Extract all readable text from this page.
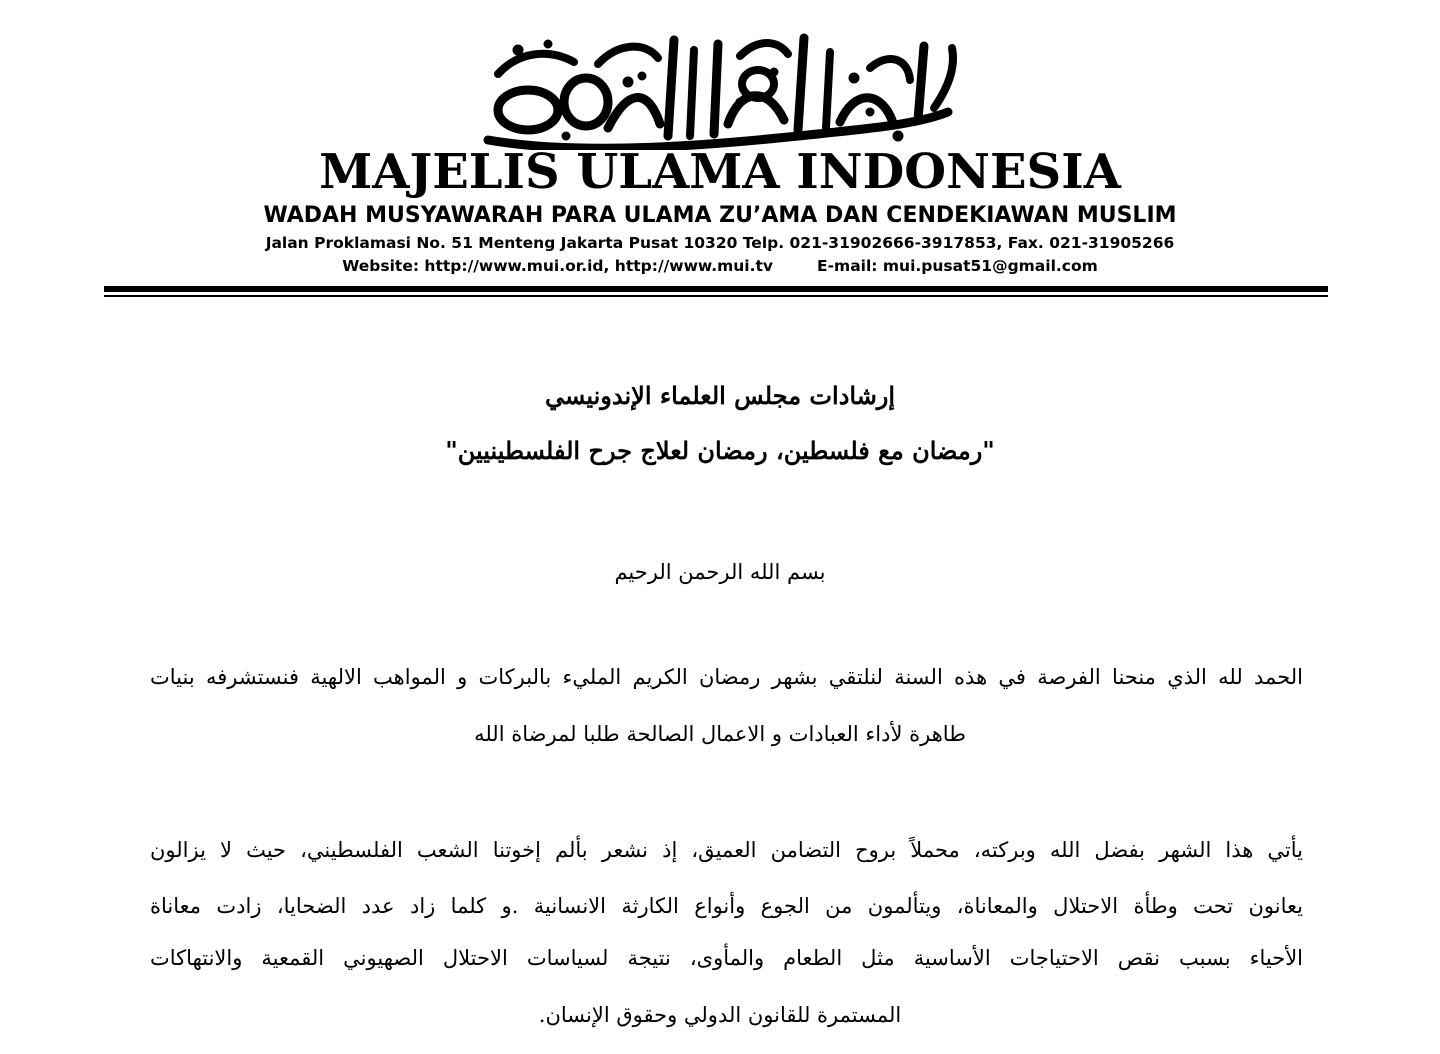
MAJELIS ULAMA INDONESIA
WADAH MUSYAWARAH PARA ULAMA ZU’AMA DAN CENDEKIAWAN MUSLIM
Jalan Proklamasi No. 51 Menteng Jakarta Pusat 10320 Telp. 021-31902666-3917853, Fax. 021-31905266
Website: http://www.mui.or.id, http://www.mui.tv	E-mail: mui.pusat51@gmail.com
إرشادات مجلس العلماء الإندونيسي
"رمضان مع فلسطين، رمضان لعلاج جرح الفلسطينيين"
بسم الله الرحمن الرحيم
الحمد لله الذي منحنا الفرصة في هذه السنة لنلتقي بشهر رمضان الكريم المليء بالبركات و المواهب الالهية فنستشرفه بنيات
طاهرة لأداء العبادات و الاعمال الصالحة طلبا لمرضاة الله
يأتي هذا الشهر بفضل الله وبركته، محملاً بروح التضامن العميق، إذ نشعر بألم إخوتنا الشعب الفلسطيني، حيث لا يزالون
يعانون تحت وطأة الاحتلال والمعاناة، ويتألمون من الجوع وأنواع الكارثة الانسانية .و كلما زاد عدد الضحايا، زادت معاناة
الأحياء بسبب نقص الاحتياجات الأساسية مثل الطعام والمأوى، نتيجة لسياسات الاحتلال الصهيوني القمعية والانتهاكات
المستمرة للقانون الدولي وحقوق الإنسان.
